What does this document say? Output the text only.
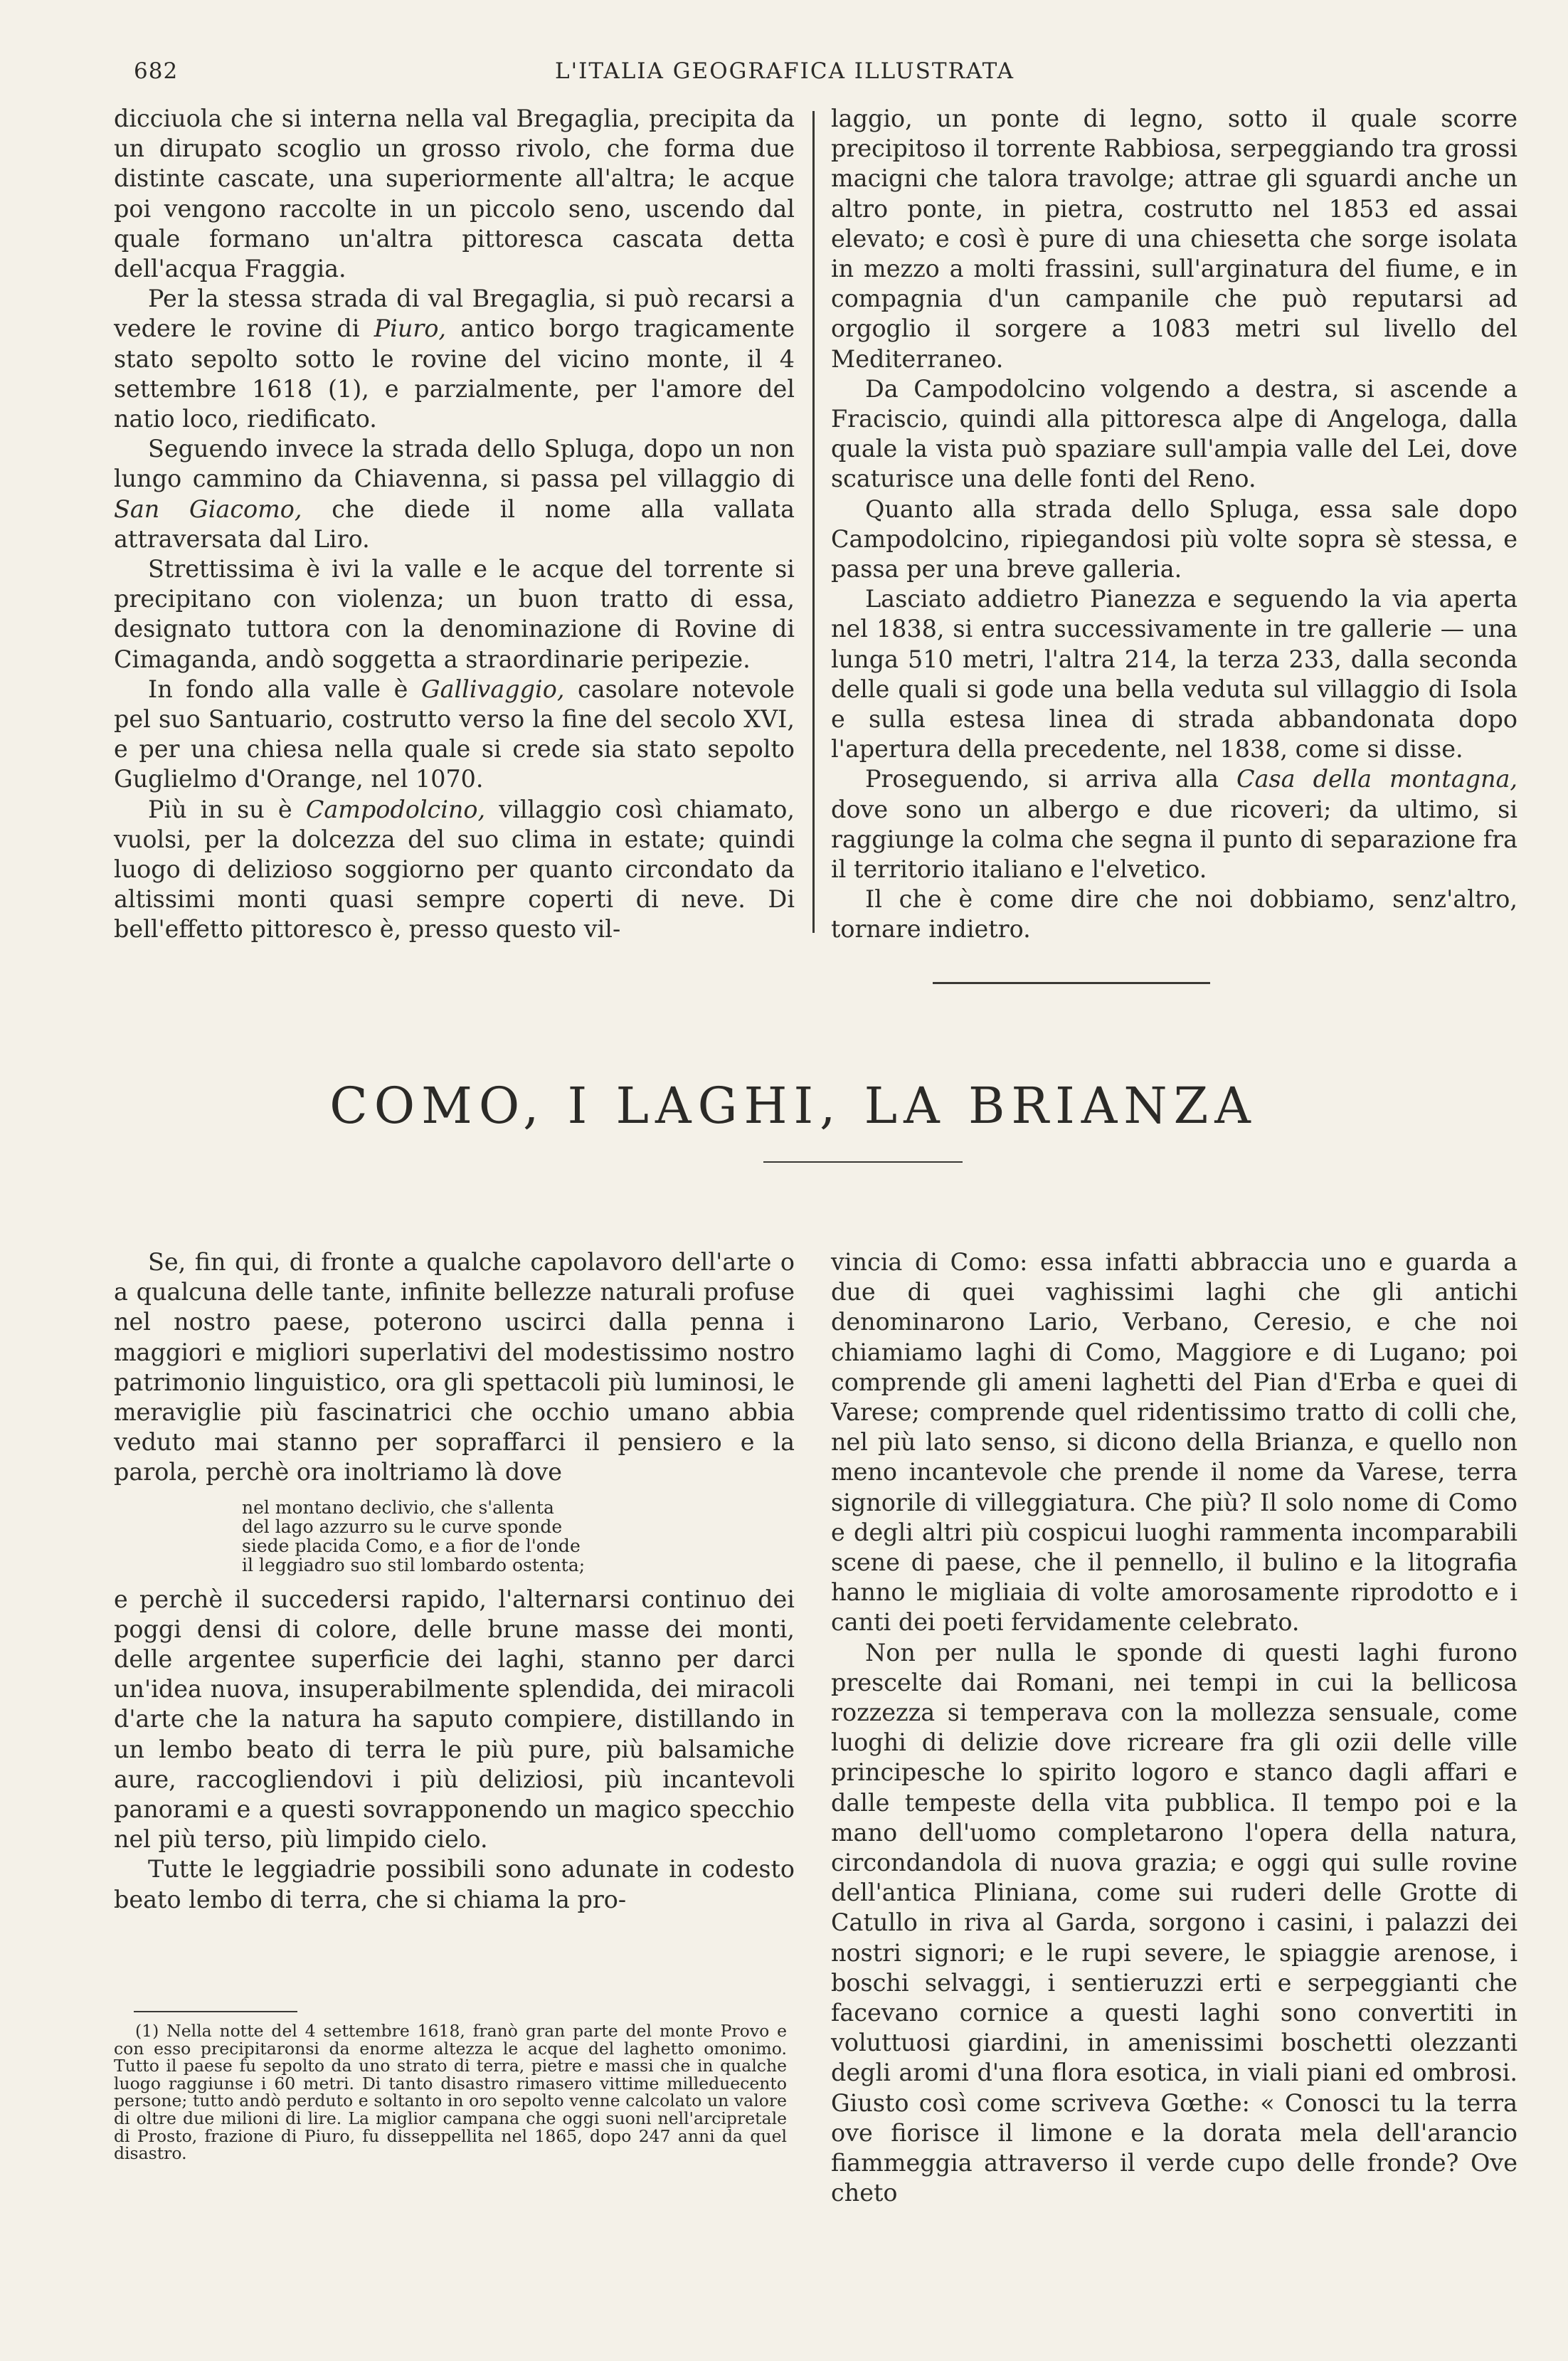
682	L'ITALIA GEOGRAFICA ILLUSTRATA

dicciuola che si interna nella val Bregaglia, precipita da un dirupato scoglio un grosso rivolo, che forma due distinte cascate, una superiormente all'altra; le acque poi vengono raccolte in un piccolo seno, uscendo dal quale formano un'altra pittoresca cascata detta dell'acqua Fraggia.

Per la stessa strada di val Bregaglia, si può recarsi a vedere le rovine di Piuro, antico borgo tragicamente stato sepolto sotto le rovine del vicino monte, il 4 settembre 1618 (1), e parzialmente, per l'amore del natio loco, riedificato.

Seguendo invece la strada dello Spluga, dopo un non lungo cammino da Chiavenna, si passa pel villaggio di San Giacomo, che diede il nome alla vallata attraversata dal Liro.

Strettissima è ivi la valle e le acque del torrente si precipitano con violenza; un buon tratto di essa, designato tuttora con la denominazione di Rovine di Cimaganda, andò soggetta a straordinarie peripezie.

In fondo alla valle è Gallivaggio, casolare notevole pel suo Santuario, costrutto verso la fine del secolo XVI, e per una chiesa nella quale si crede sia stato sepolto Guglielmo d'Orange, nel 1070.

Più in su è Campodolcino, villaggio così chiamato, vuolsi, per la dolcezza del suo clima in estate; quindi luogo di delizioso soggiorno per quanto circondato da altissimi monti quasi sempre coperti di neve. Di bell'effetto pittoresco è, presso questo vil-

laggio, un ponte di legno, sotto il quale scorre precipitoso il torrente Rabbiosa, serpeggiando tra grossi macigni che talora travolge; attrae gli sguardi anche un altro ponte, in pietra, costrutto nel 1853 ed assai elevato; e così è pure di una chiesetta che sorge isolata in mezzo a molti frassini, sull'arginatura del fiume, e in compagnia d'un campanile che può reputarsi ad orgoglio il sorgere a 1083 metri sul livello del Mediterraneo.

Da Campodolcino volgendo a destra, si ascende a Fraciscio, quindi alla pittoresca alpe di Angeloga, dalla quale la vista può spaziare sull'ampia valle del Lei, dove scaturisce una delle fonti del Reno.

Quanto alla strada dello Spluga, essa sale dopo Campodolcino, ripiegandosi più volte sopra sè stessa, e passa per una breve galleria.

Lasciato addietro Pianezza e seguendo la via aperta nel 1838, si entra successivamente in tre gallerie — una lunga 510 metri, l'altra 214, la terza 233, dalla seconda delle quali si gode una bella veduta sul villaggio di Isola e sulla estesa linea di strada abbandonata dopo l'apertura della precedente, nel 1838, come si disse.

Proseguendo, si arriva alla Casa della montagna, dove sono un albergo e due ricoveri; da ultimo, si raggiunge la colma che segna il punto di separazione fra il territorio italiano e l'elvetico.

Il che è come dire che noi dobbiamo, senz'altro, tornare indietro.

COMO, I LAGHI, LA BRIANZA

Se, fin qui, di fronte a qualche capolavoro dell'arte o a qualcuna delle tante, infinite bellezze naturali profuse nel nostro paese, poterono uscirci dalla penna i maggiori e migliori superlativi del modestissimo nostro patrimonio linguistico, ora gli spettacoli più luminosi, le meraviglie più fascinatrici che occhio umano abbia veduto mai stanno per sopraffarci il pensiero e la parola, perchè ora inoltriamo là dove

nel montano declivio, che s'allenta
del lago azzurro su le curve sponde
siede placida Como, e a fior de l'onde
il leggiadro suo stil lombardo ostenta;

e perchè il succedersi rapido, l'alternarsi continuo dei poggi densi di colore, delle brune masse dei monti, delle argentee superficie dei laghi, stanno per darci un'idea nuova, insuperabilmente splendida, dei miracoli d'arte che la natura ha saputo compiere, distillando in un lembo beato di terra le più pure, più balsamiche aure, raccogliendovi i più deliziosi, più incantevoli panorami e a questi sovrapponendo un magico specchio nel più terso, più limpido cielo.

Tutte le leggiadrie possibili sono adunate in codesto beato lembo di terra, che si chiama la pro-

vincia di Como: essa infatti abbraccia uno e guarda a due di quei vaghissimi laghi che gli antichi denominarono Lario, Verbano, Ceresio, e che noi chiamiamo laghi di Como, Maggiore e di Lugano; poi comprende gli ameni laghetti del Pian d'Erba e quei di Varese; comprende quel ridentissimo tratto di colli che, nel più lato senso, si dicono della Brianza, e quello non meno incantevole che prende il nome da Varese, terra signorile di villeggiatura. Che più? Il solo nome di Como e degli altri più cospicui luoghi rammenta incomparabili scene di paese, che il pennello, il bulino e la litografia hanno le migliaia di volte amorosamente riprodotto e i canti dei poeti fervidamente celebrato.

Non per nulla le sponde di questi laghi furono prescelte dai Romani, nei tempi in cui la bellicosa rozzezza si temperava con la mollezza sensuale, come luoghi di delizie dove ricreare fra gli ozii delle ville principesche lo spirito logoro e stanco dagli affari e dalle tempeste della vita pubblica. Il tempo poi e la mano dell'uomo completarono l'opera della natura, circondandola di nuova grazia; e oggi qui sulle rovine dell'antica Pliniana, come sui ruderi delle Grotte di Catullo in riva al Garda, sorgono i casini, i palazzi dei nostri signori; e le rupi severe, le spiaggie arenose, i boschi selvaggi, i sentieruzzi erti e serpeggianti che facevano cornice a questi laghi sono convertiti in voluttuosi giardini, in amenissimi boschetti olezzanti degli aromi d'una flora esotica, in viali piani ed ombrosi. Giusto così come scriveva Gœthe: « Conosci tu la terra ove fiorisce il limone e la dorata mela dell'arancio fiammeggia attraverso il verde cupo delle fronde? Ove cheto

(1) Nella notte del 4 settembre 1618, franò gran parte del monte Provo e con esso precipitaronsi da enorme altezza le acque del laghetto omonimo. Tutto il paese fu sepolto da uno strato di terra, pietre e massi che in qualche luogo raggiunse i 60 metri. Di tanto disastro rimasero vittime milleduecento persone; tutto andò perduto e soltanto in oro sepolto venne calcolato un valore di oltre due milioni di lire. La miglior campana che oggi suoni nell'arcipretale di Prosto, frazione di Piuro, fu disseppellita nel 1865, dopo 247 anni da quel disastro.
